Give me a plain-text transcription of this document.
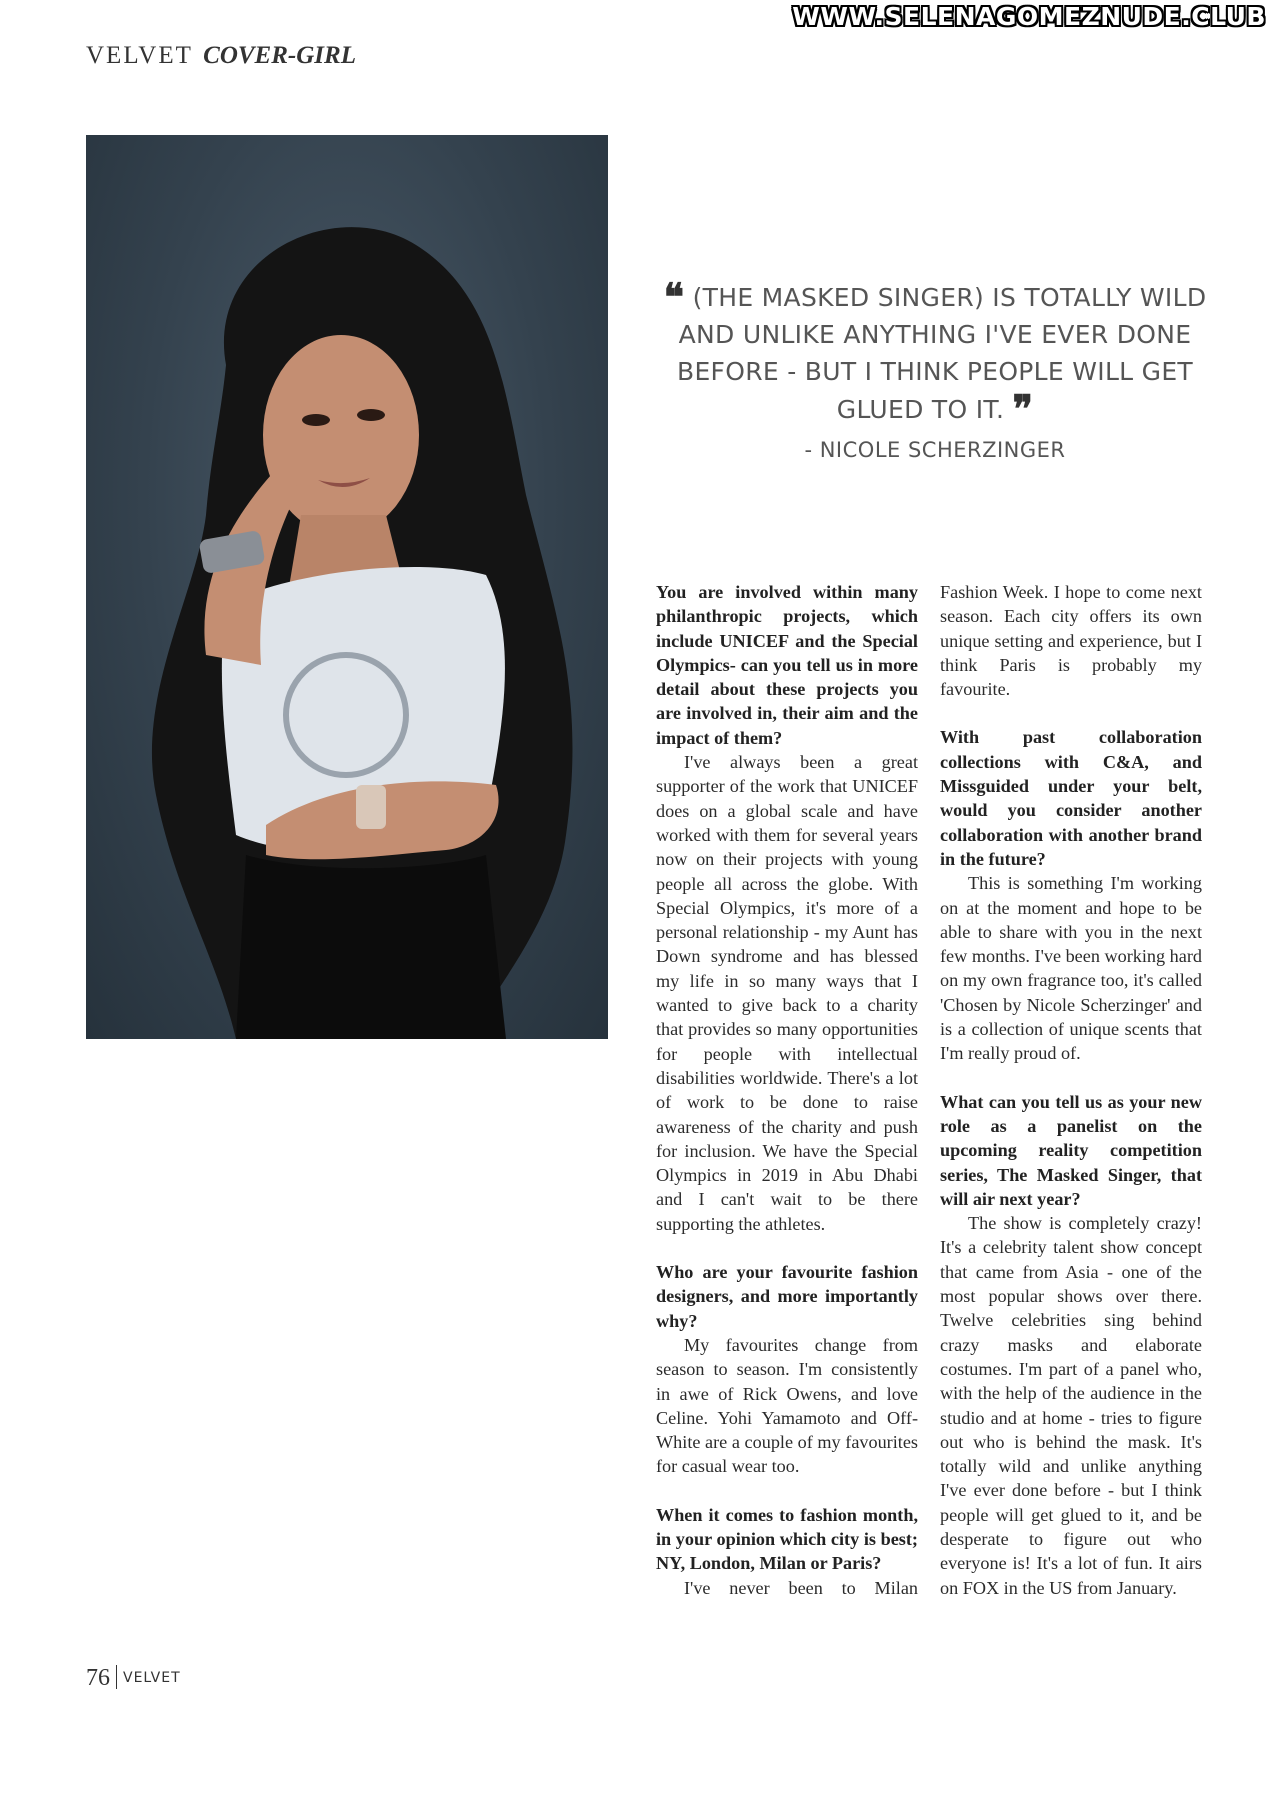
WWW.SELENAGOMEZNUDE.CLUB
VELVET COVER-GIRL
❝ (THE MASKED SINGER) IS TOTALLY WILD AND UNLIKE ANYTHING I'VE EVER DONE BEFORE - BUT I THINK PEOPLE WILL GET GLUED TO IT. ❞
- NICOLE SCHERZINGER

You are involved within many philanthropic projects, which include UNICEF and the Special Olympics- can you tell us in more detail about these projects you are involved in, their aim and the impact of them?

I've always been a great supporter of the work that UNICEF does on a global scale and have worked with them for several years now on their projects with young people all across the globe. With Special Olympics, it's more of a personal relationship - my Aunt has Down syndrome and has blessed my life in so many ways that I wanted to give back to a charity that provides so many opportunities for people with intellectual disabilities worldwide. There's a lot of work to be done to raise awareness of the charity and push for inclusion. We have the Special Olympics in 2019 in Abu Dhabi and I can't wait to be there supporting the athletes.

Who are your favourite fashion designers, and more importantly why?

My favourites change from season to season. I'm consistently in awe of Rick Owens, and love Celine. Yohi Yamamoto and Off-White are a couple of my favourites for casual wear too.

When it comes to fashion month, in your opinion which city is best; NY, London, Milan or Paris?

I've never been to Milan

Fashion Week. I hope to come next season. Each city offers its own unique setting and experience, but I think Paris is probably my favourite.

With past collaboration collections with C&A, and Missguided under your belt, would you consider another collaboration with another brand in the future?

This is something I'm working on at the moment and hope to be able to share with you in the next few months. I've been working hard on my own fragrance too, it's called 'Chosen by Nicole Scherzinger' and is a collection of unique scents that I'm really proud of.

What can you tell us as your new role as a panelist on the upcoming reality competition series, The Masked Singer, that will air next year?

The show is completely crazy! It's a celebrity talent show concept that came from Asia - one of the most popular shows over there. Twelve celebrities sing behind crazy masks and elaborate costumes. I'm part of a panel who, with the help of the audience in the studio and at home - tries to figure out who is behind the mask. It's totally wild and unlike anything I've ever done before - but I think people will get glued to it, and be desperate to figure out who everyone is! It's a lot of fun. It airs on FOX in the US from January.

76 VELVET
